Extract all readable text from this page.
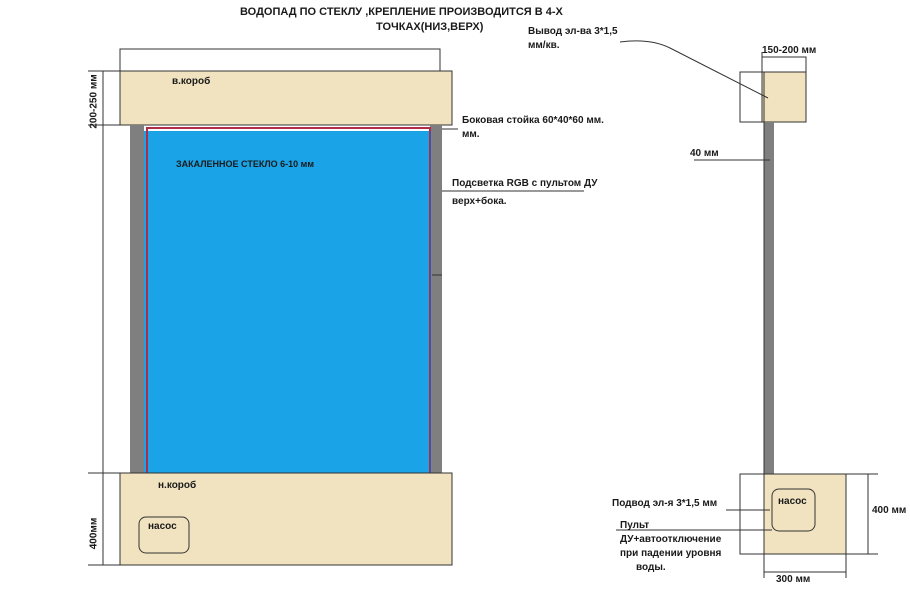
ВОДОПАД ПО СТЕКЛУ ,КРЕПЛЕНИЕ ПРОИЗВОДИТСЯ В 4-Х
ТОЧКАХ(НИЗ,ВЕРХ)
в.короб
ЗАКАЛЕННОЕ СТЕКЛО 6-10 мм
н.короб
насос
200-250 мм
400мм
Боковая стойка 60*40*60 мм.
мм.
Подсветка RGB с пультом ДУ
верх+бока.
Вывод эл-ва 3*1,5
мм/кв.	150-200 мм
40 мм
Подвод эл-я 3*1,5 мм
Пульт
ДУ+автоотключение
при падении уровня
воды.
насос
400 мм
300 мм
